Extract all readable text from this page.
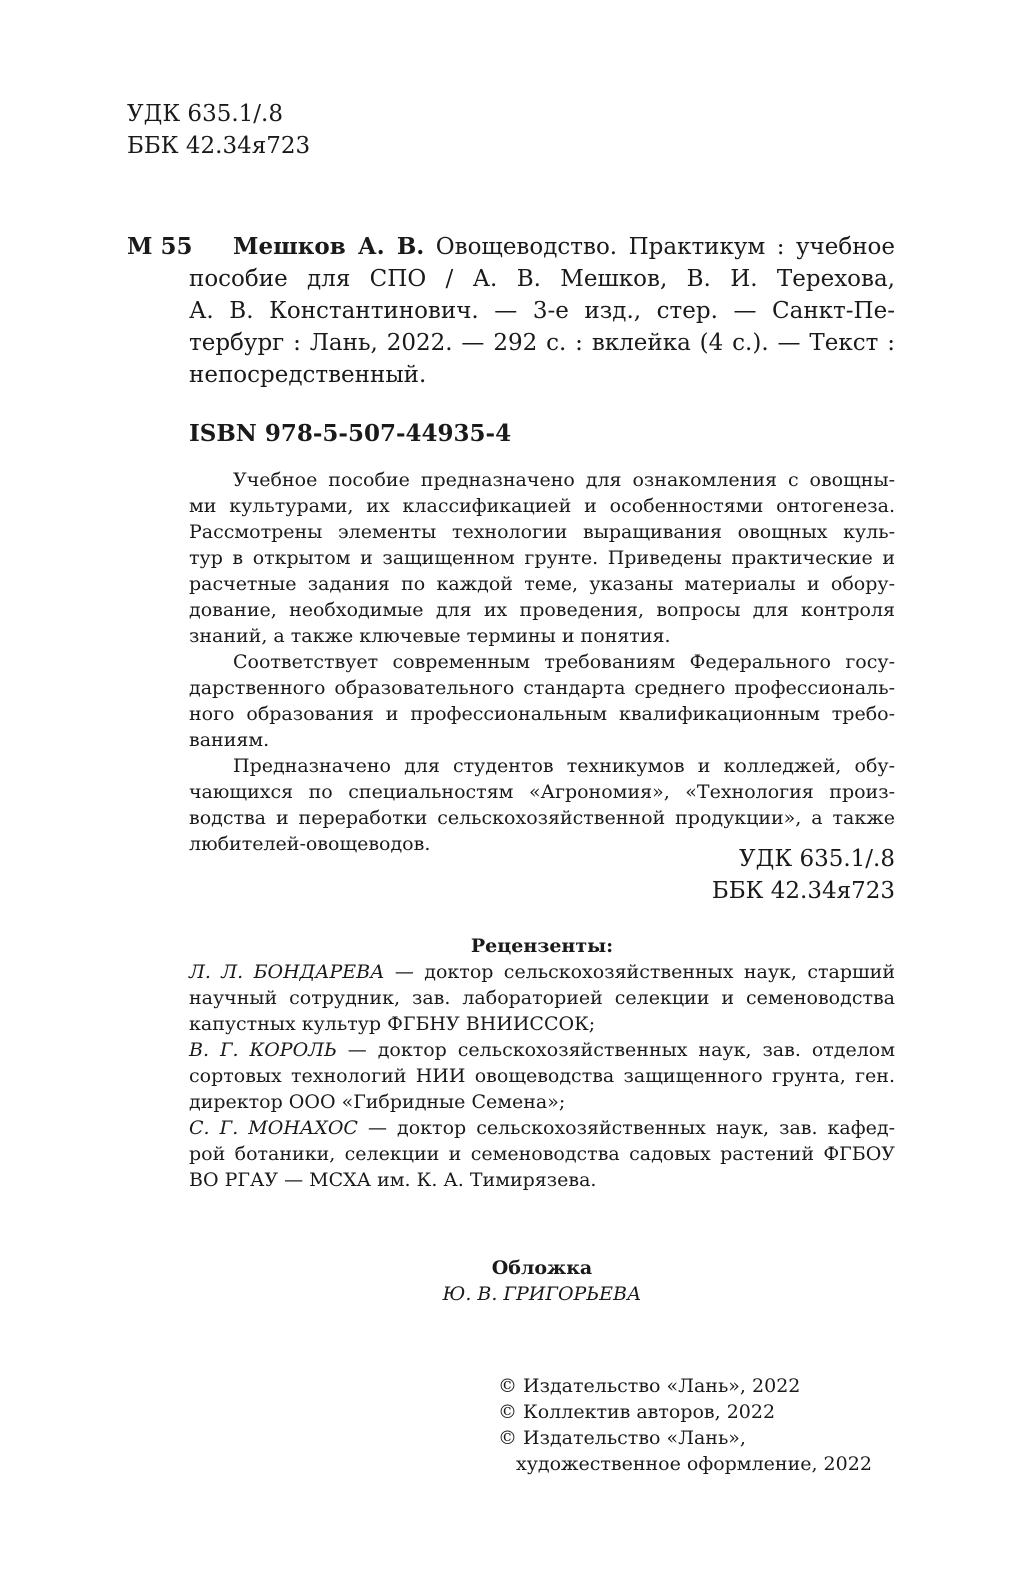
УДК 635.1/.8
ББК 42.34я723
М 55 Мешков А. В. Овощеводство. Практикум : учебное
пособие для СПО / А. В. Мешков, В. И. Терехова,
А. В. Константинович. — 3-е изд., стер. — Санкт-Пе-
тербург : Лань, 2022. — 292 с. : вклейка (4 с.). — Текст :
непосредственный.
ISBN 978-5-507-44935-4
Учебное пособие предназначено для ознакомления с овощны-
ми культурами, их классификацией и особенностями онтогенеза.
Рассмотрены элементы технологии выращивания овощных куль-
тур в открытом и защищенном грунте. Приведены практические и
расчетные задания по каждой теме, указаны материалы и обору-
дование, необходимые для их проведения, вопросы для контроля
знаний, а также ключевые термины и понятия.
Соответствует современным требованиям Федерального госу-
дарственного образовательного стандарта среднего профессиональ-
ного образования и профессиональным квалификационным требо-
ваниям.
Предназначено для студентов техникумов и колледжей, обу-
чающихся по специальностям «Агрономия», «Технология произ-
водства и переработки сельскохозяйственной продукции», а также
любителей-овощеводов.
УДК 635.1/.8
ББК 42.34я723
Рецензенты:
Л. Л. БОНДАРЕВА — доктор сельскохозяйственных наук, старший
научный сотрудник, зав. лабораторией селекции и семеноводства
капустных культур ФГБНУ ВНИИССОК;
В. Г. КОРОЛЬ — доктор сельскохозяйственных наук, зав. отделом
сортовых технологий НИИ овощеводства защищенного грунта, ген.
директор ООО «Гибридные Семена»;
С. Г. МОНАХОС — доктор сельскохозяйственных наук, зав. кафед-
рой ботаники, селекции и семеноводства садовых растений ФГБОУ
ВО РГАУ — МСХА им. К. А. Тимирязева.
Обложка
Ю. В. ГРИГОРЬЕВА
© Издательство «Лань», 2022
© Коллектив авторов, 2022
© Издательство «Лань»,
художественное оформление, 2022
